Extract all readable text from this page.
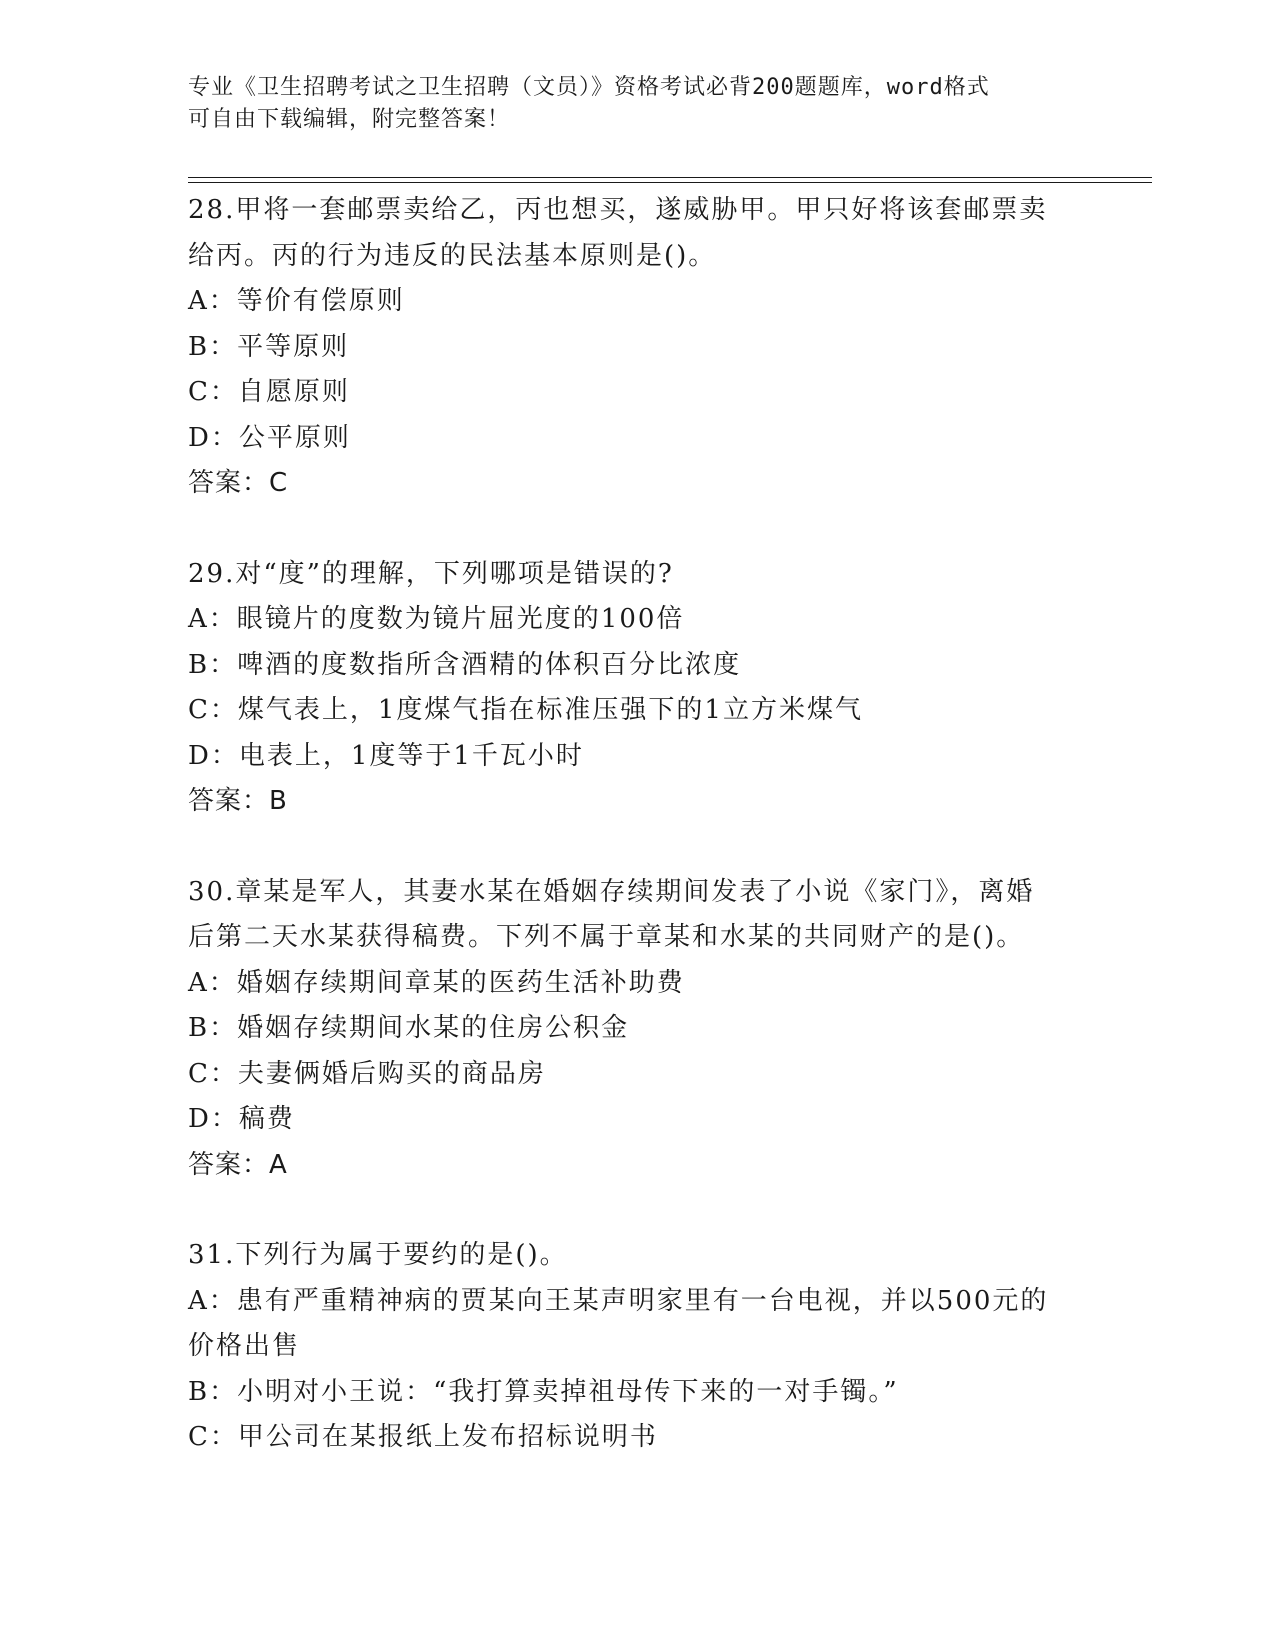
专业《卫生招聘考试之卫生招聘（文员）》资格考试必背200题题库，word格式
可自由下载编辑，附完整答案！

28.甲将一套邮票卖给乙，丙也想买，遂威胁甲。甲只好将该套邮票卖

给丙。丙的行为违反的民法基本原则是()。

A：等价有偿原则

B：平等原则

C：自愿原则

D：公平原则

答案：C

29.对“度”的理解，下列哪项是错误的?

A：眼镜片的度数为镜片屈光度的100倍

B：啤酒的度数指所含酒精的体积百分比浓度

C：煤气表上，1度煤气指在标准压强下的1立方米煤气

D：电表上，1度等于1千瓦小时

答案：B

30.章某是军人，其妻水某在婚姻存续期间发表了小说《家门》，离婚

后第二天水某获得稿费。下列不属于章某和水某的共同财产的是()。

A：婚姻存续期间章某的医药生活补助费

B：婚姻存续期间水某的住房公积金

C：夫妻俩婚后购买的商品房

D：稿费

答案：A

31.下列行为属于要约的是()。

A：患有严重精神病的贾某向王某声明家里有一台电视，并以500元的

价格出售

B：小明对小王说：“我打算卖掉祖母传下来的一对手镯。”

C：甲公司在某报纸上发布招标说明书
